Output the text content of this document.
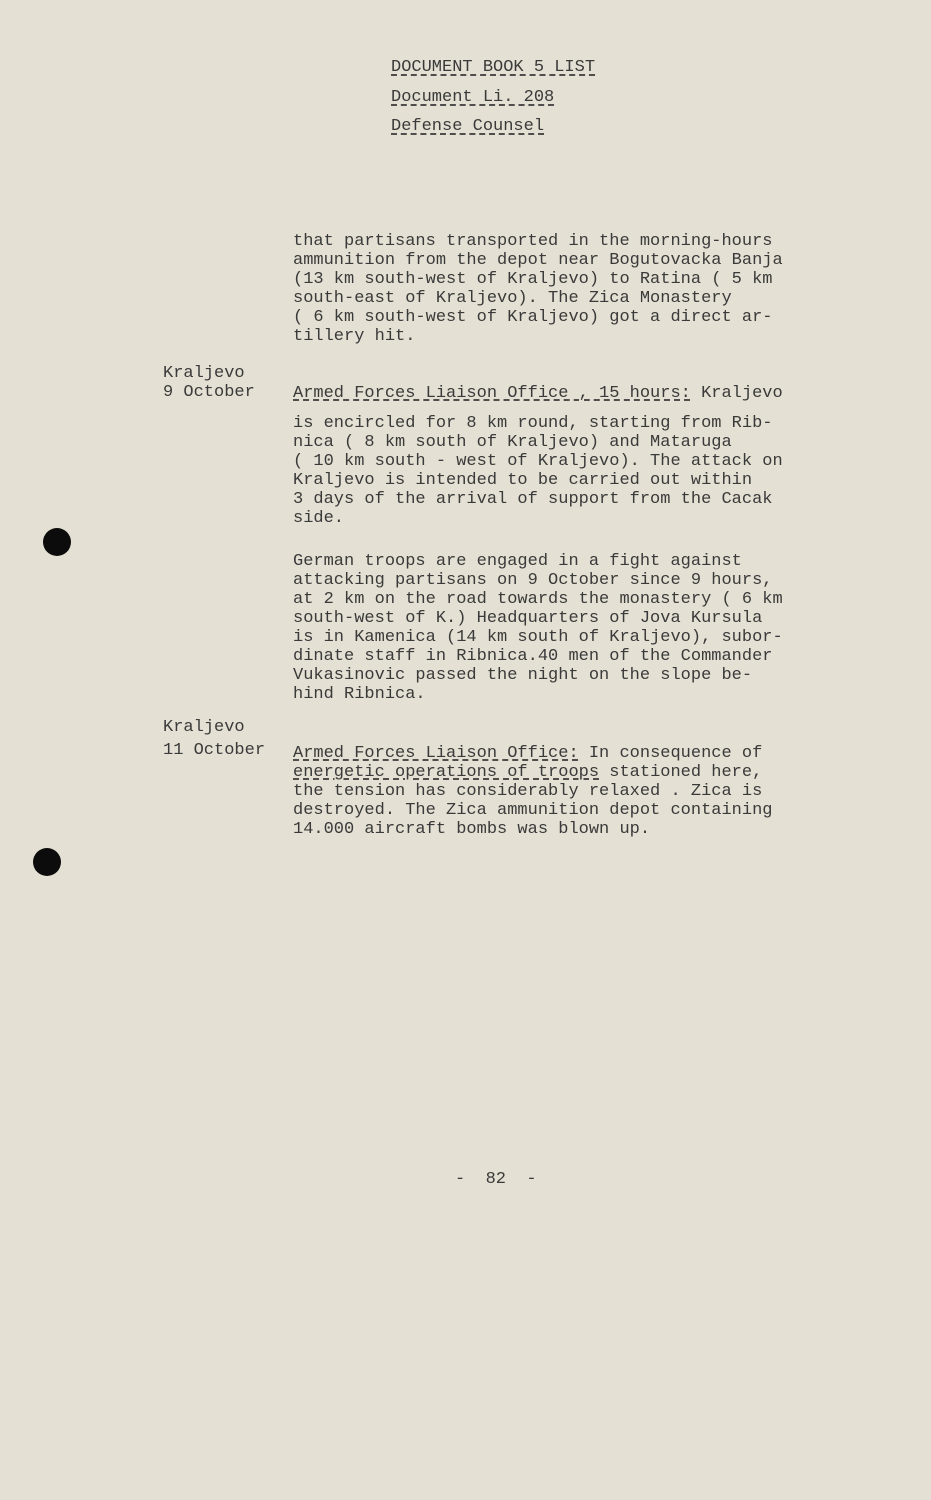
DOCUMENT BOOK 5 LIST

Document Li. 208

Defense Counsel

that partisans transported in the morning-hours
ammunition from the depot near Bogutovacka Banja
(13 km south-west of Kraljevo) to Ratina ( 5 km
south-east of Kraljevo). The Zica Monastery
( 6 km south-west of Kraljevo) got a direct ar-
tillery hit.

Kraljevo

9 October Armed Forces Liaison Office , 15 hours: Kraljevo

is encircled for 8 km round, starting from Rib-
nica ( 8 km south of Kraljevo) and Mataruga
( 10 km south - west of Kraljevo). The attack on
Kraljevo is intended to be carried out within
3 days of the arrival of support from the Cacak
side.

German troops are engaged in a fight against
attacking partisans on 9 October since 9 hours,
at 2 km on the road towards the monastery ( 6 km
south-west of K.) Headquarters of Jova Kursula
is in Kamenica (14 km south of Kraljevo), subor-
dinate staff in Ribnica.40 men of the Commander
Vukasinovic passed the night on the slope be-
hind Ribnica.

Kraljevo

11 October Armed Forces Liaison Office: In consequence of

energetic operations of troops stationed here,

the tension has considerably relaxed . Zica is
destroyed. The Zica ammunition depot containing
14.000 aircraft bombs was blown up.

-  82  -
